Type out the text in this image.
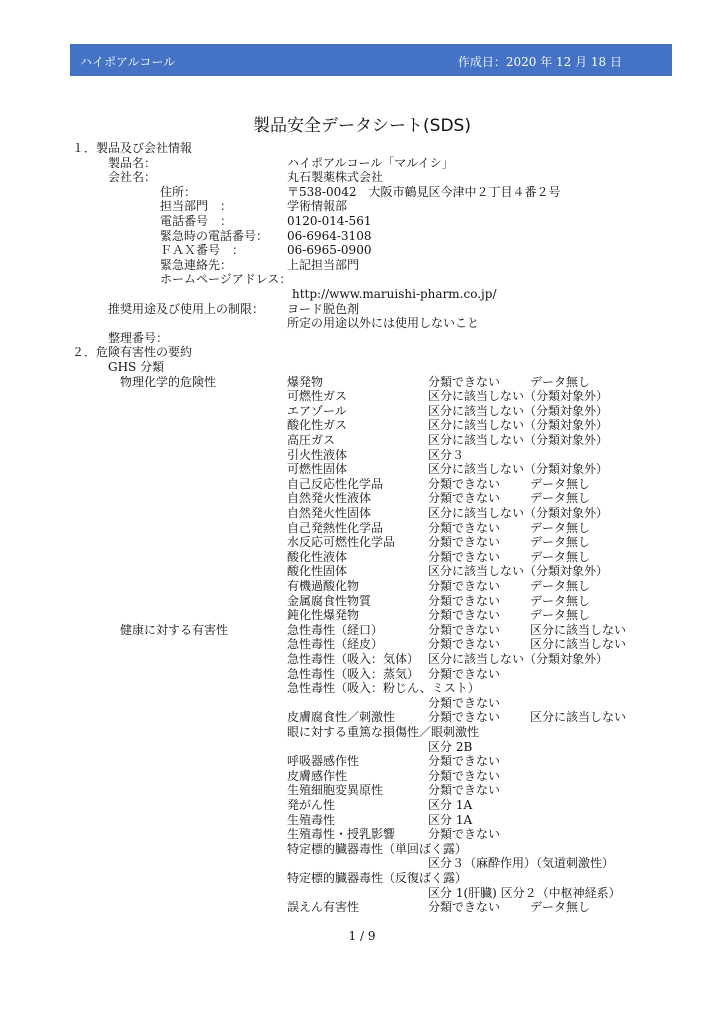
ハイポアルコール	作成日：2020 年 12 月 18 日
製品安全データシート(SDS)
１．製品及び会社情報
製品名：	ハイポアルコール「マルイシ」
会社名：	丸石製薬株式会社
住所：	〒538-0042　大阪市鶴見区今津中２丁目４番２号
担当部門　：	学術情報部
電話番号　：	0120-014-561
緊急時の電話番号： 06-6964-3108
ＦＡＸ番号　：	06-6965-0900
緊急連絡先：	上記担当部門
ホームページアドレス：
http://www.maruishi-pharm.co.jp/
推奨用途及び使用上の制限： ヨード脱色剤
所定の用途以外には使用しないこと
整理番号：
２．危険有害性の要約
GHS 分類
物理化学的危険性	爆発物	分類できない データ無し
可燃性ガス	区分に該当しない（分類対象外）
エアゾール	区分に該当しない（分類対象外）
酸化性ガス	区分に該当しない（分類対象外）
高圧ガス	区分に該当しない（分類対象外）
引火性液体	区分３
可燃性固体	区分に該当しない（分類対象外）
自己反応性化学品	分類できない データ無し
自然発火性液体	分類できない データ無し
自然発火性固体	区分に該当しない（分類対象外）
自己発熱性化学品	分類できない データ無し
水反応可燃性化学品	分類できない データ無し
酸化性液体	分類できない データ無し
酸化性固体	区分に該当しない（分類対象外）
有機過酸化物	分類できない データ無し
金属腐食性物質	分類できない データ無し
鈍化性爆発物	分類できない データ無し
健康に対する有害性	急性毒性（経口）	分類できない 区分に該当しない
急性毒性（経皮）	分類できない 区分に該当しない
急性毒性（吸入：気体） 区分に該当しない（分類対象外）
急性毒性（吸入：蒸気） 分類できない
急性毒性（吸入：粉じん、ミスト）
分類できない
皮膚腐食性／刺激性	分類できない 区分に該当しない
眼に対する重篤な損傷性／眼刺激性
区分 2B
呼吸器感作性	分類できない
皮膚感作性	分類できない
生殖細胞変異原性	分類できない
発がん性	区分 1A
生殖毒性	区分 1A
生殖毒性・授乳影響	分類できない
特定標的臓器毒性（単回ばく露）
区分３（麻酔作用）（気道刺激性）
特定標的臓器毒性（反復ばく露）
区分 1(肝臓) 区分２（中枢神経系）
誤えん有害性	分類できない データ無し
1 / 9
